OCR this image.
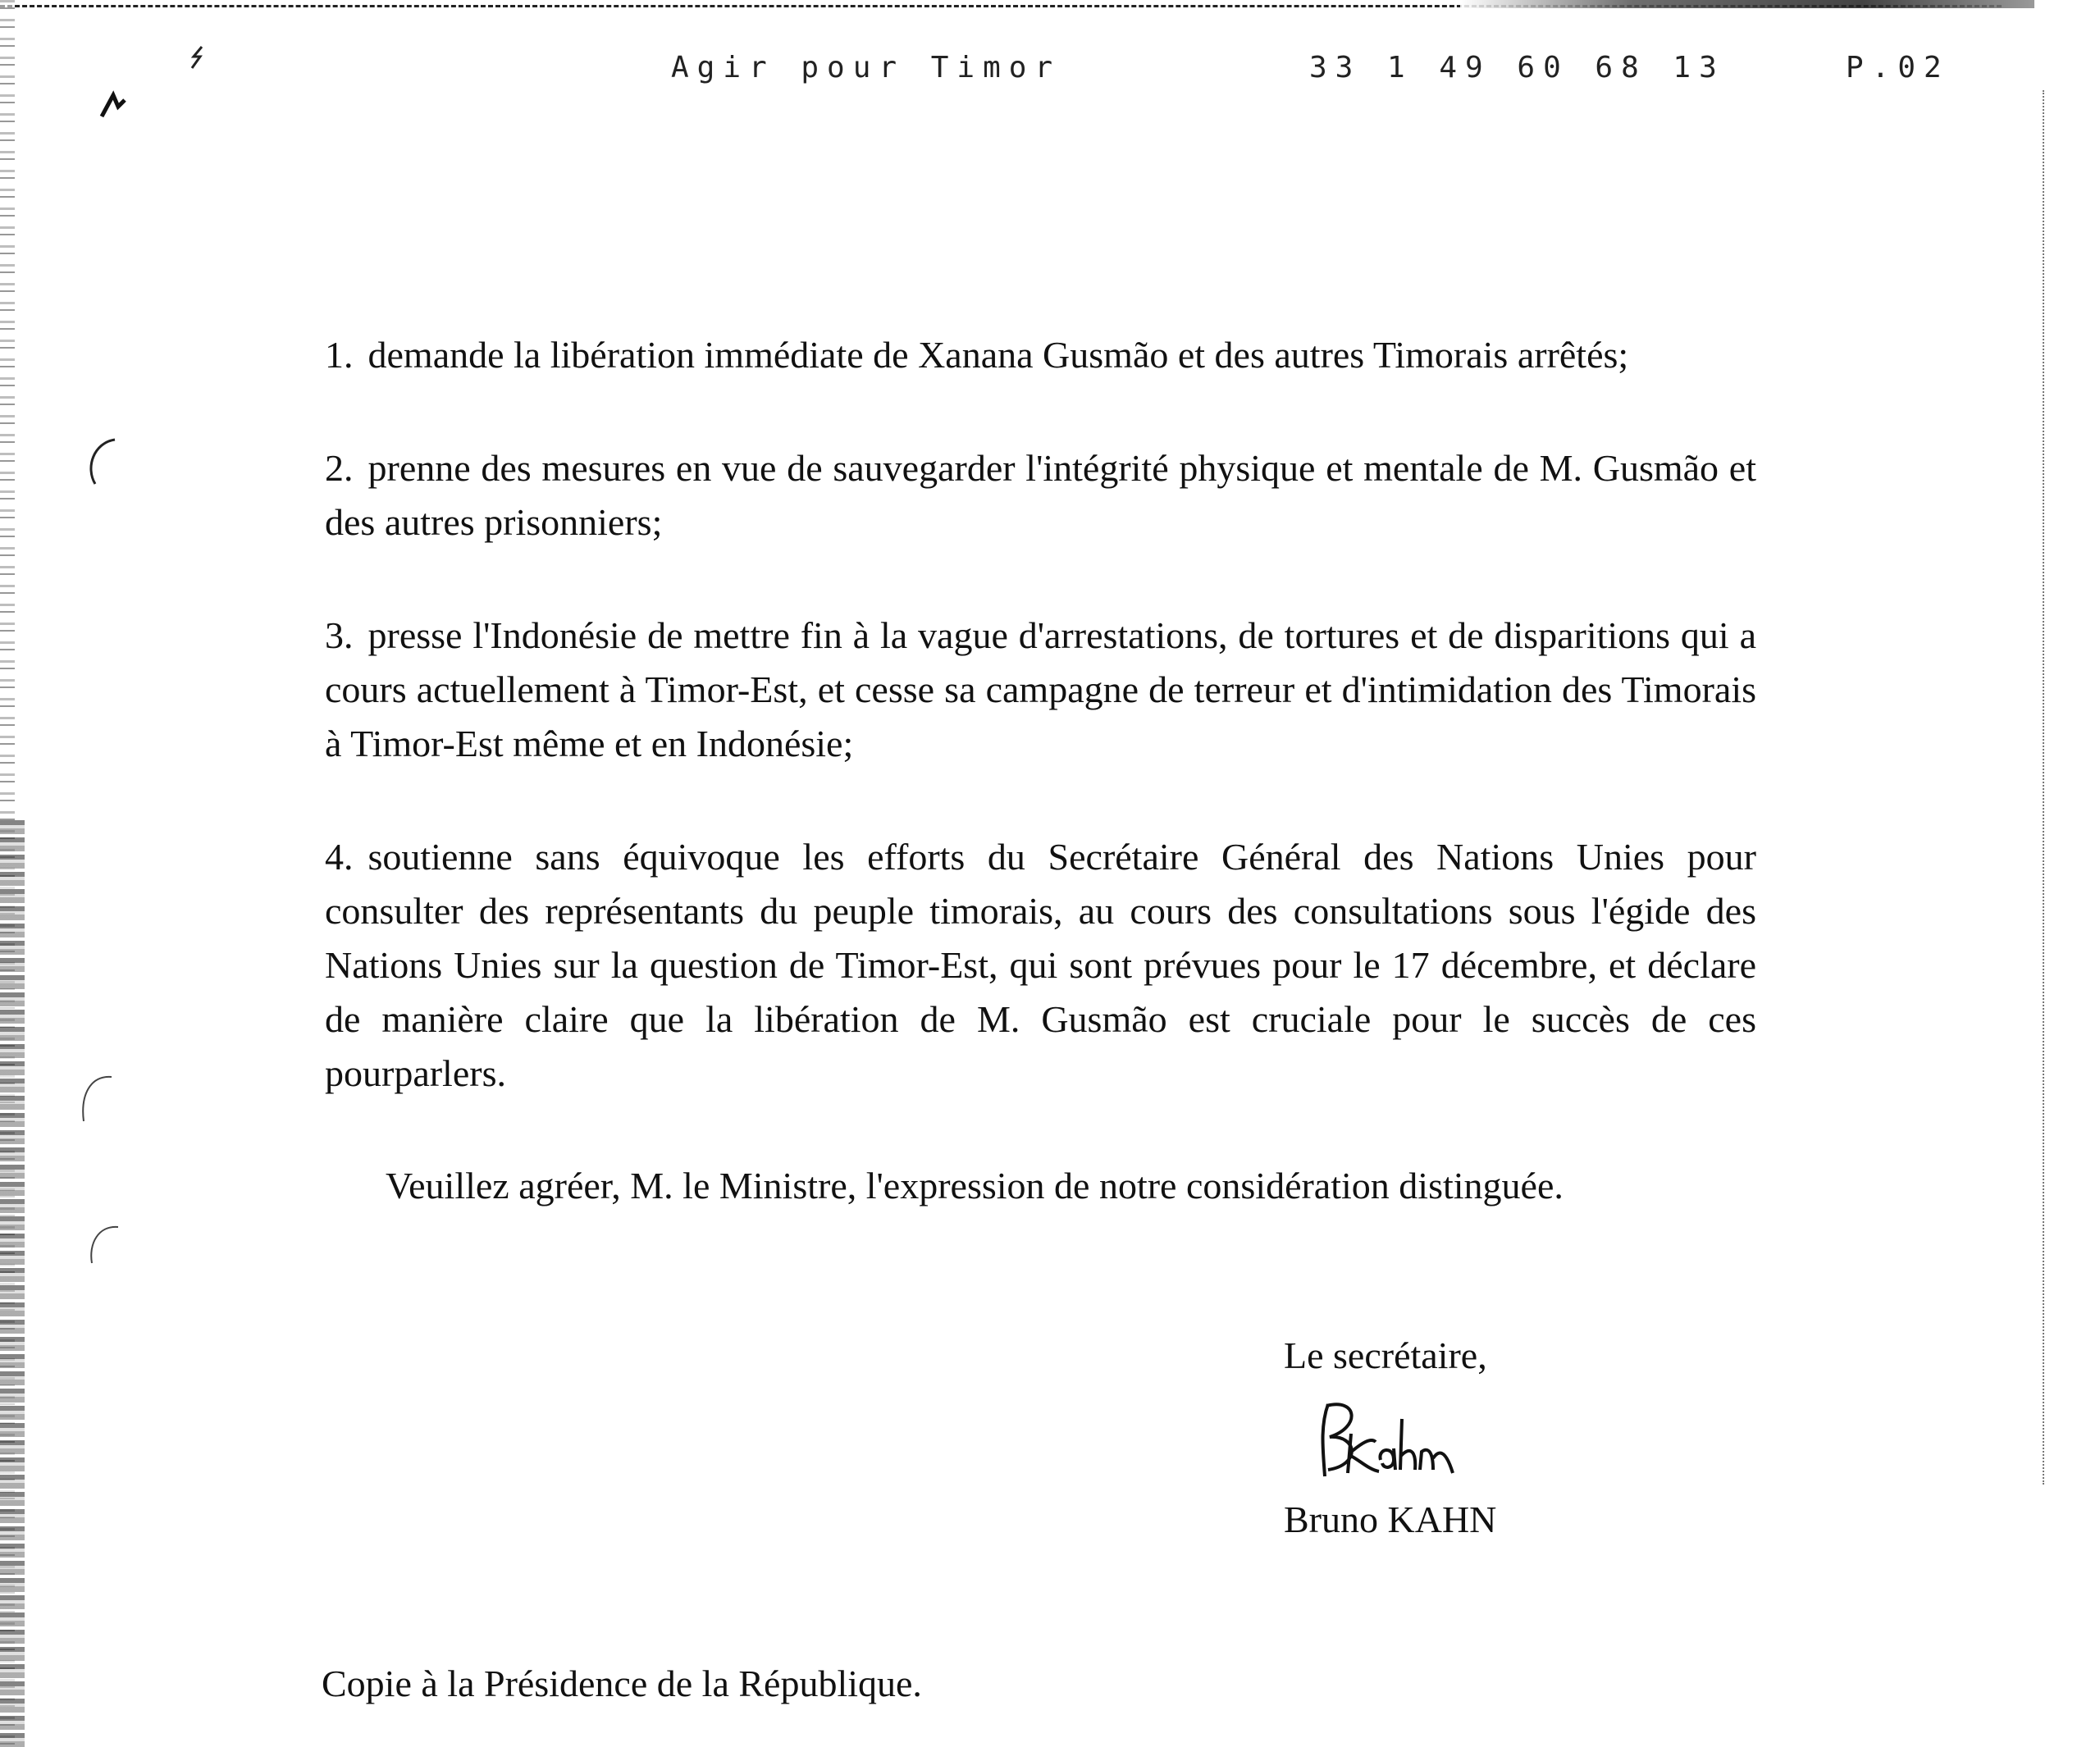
Agir pour Timor	33 1 49 60 68 13	P.02

1. demande la libération immédiate de Xanana Gusmão et des autres Timorais arrêtés;

2. prenne des mesures en vue de sauvegarder l'intégrité physique et mentale de M. Gusmão et des autres prisonniers;

3. presse l'Indonésie de mettre fin à la vague d'arrestations, de tortures et de disparitions qui a cours actuellement à Timor-Est, et cesse sa campagne de terreur et d'intimidation des Timorais à Timor-Est même et en Indonésie;

4. soutienne sans équivoque les efforts du Secrétaire Général des Nations Unies pour consulter des représentants du peuple timorais, au cours des consultations sous l'égide des Nations Unies sur la question de Timor-Est, qui sont prévues pour le 17 décembre, et déclare de manière claire que la libération de M. Gusmão est cruciale pour le succès de ces pourparlers.

Veuillez agréer, M. le Ministre, l'expression de notre considération distinguée.
Le secrétaire,
Bruno KAHN
Copie à la Présidence de la République.
